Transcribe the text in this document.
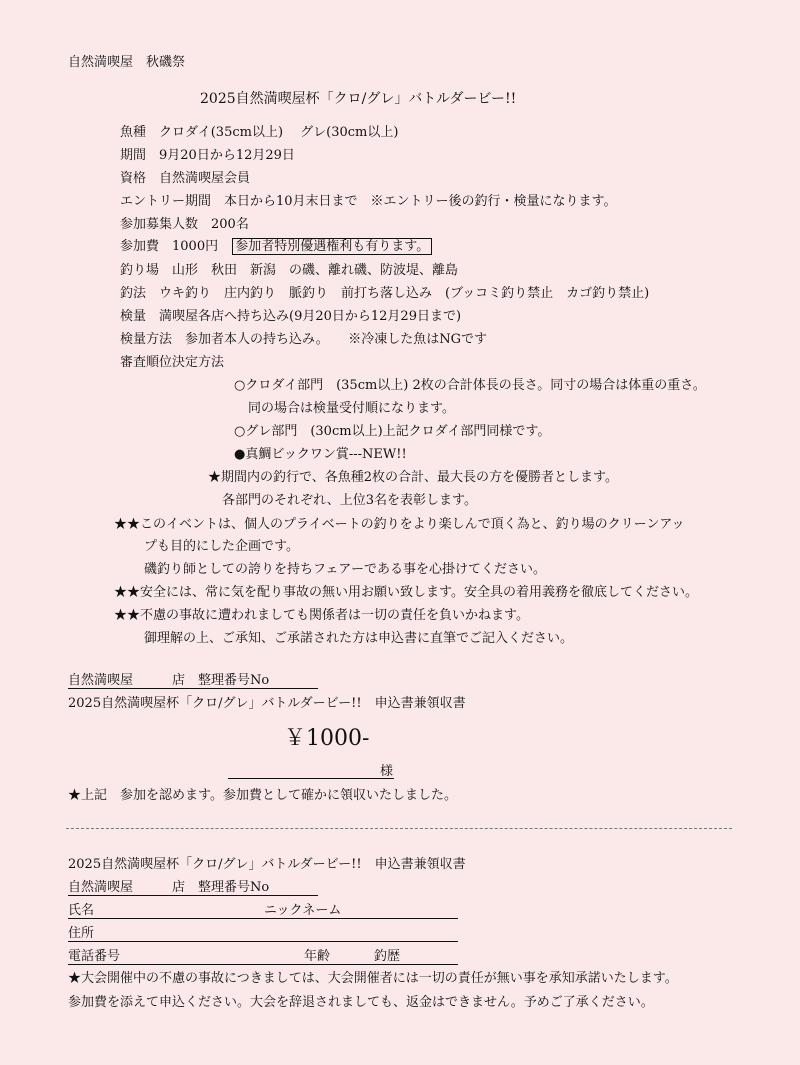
自然満喫屋　秋磯祭
2025自然満喫屋杯「クロ/グレ」バトルダービー!!
魚種　クロダイ(35cm以上)　 グレ(30cm以上)
期間　9月20日から12月29日
資格　自然満喫屋会員
エントリー期間　本日から10月末日まで　※エントリー後の釣行・検量になります。
参加募集人数　200名
参加費　1000円 参加者特別優遇権利も有ります。
釣り場　山形　秋田　新潟　の磯、離れ磯、防波堤、離島
釣法　ウキ釣り　庄内釣り　脈釣り　前打ち落し込み　(ブッコミ釣り禁止　カゴ釣り禁止)
検量　満喫屋各店へ持ち込み(9月20日から12月29日まで)
検量方法　参加者本人の持ち込み。　　※冷凍した魚はNGです
審査順位決定方法
○クロダイ部門　(35cm以上) 2枚の合計体長の長さ。同寸の場合は体重の重さ。
同の場合は検量受付順になります。
○グレ部門　(30cm以上)上記クロダイ部門同様です。
●真鯛ビックワン賞---NEW!!
★期間内の釣行で、各魚種2枚の合計、最大長の方を優勝者とします。
各部門のそれぞれ、上位3名を表彰します。
★★このイベントは、個人のプライベートの釣りをより楽しんで頂く為と、釣り場のクリーンアッ
プも目的にした企画です。
磯釣り師としての誇りを持ちフェアーである事を心掛けてください。
★★安全には、常に気を配り事故の無い用お願い致します。安全具の着用義務を徹底してください。
★★不慮の事故に遭われましても関係者は一切の責任を負いかねます。
御理解の上、ご承知、ご承諾された方は申込書に直筆でご記入ください。
自然満喫屋　　　店　整理番号No
2025自然満喫屋杯「クロ/グレ」バトルダービー!!　申込書兼領収書
￥1000-
様
★上記　参加を認めます。参加費として確かに領収いたしました。
2025自然満喫屋杯「クロ/グレ」バトルダービー!!　申込書兼領収書
自然満喫屋　　　店　整理番号No
氏名	ニックネーム
住所
電話番号	年齢	釣歴
★大会開催中の不慮の事故につきましては、大会開催者には一切の責任が無い事を承知承諾いたします。
参加費を添えて申込ください。大会を辞退されましても、返金はできません。予めご了承ください。
